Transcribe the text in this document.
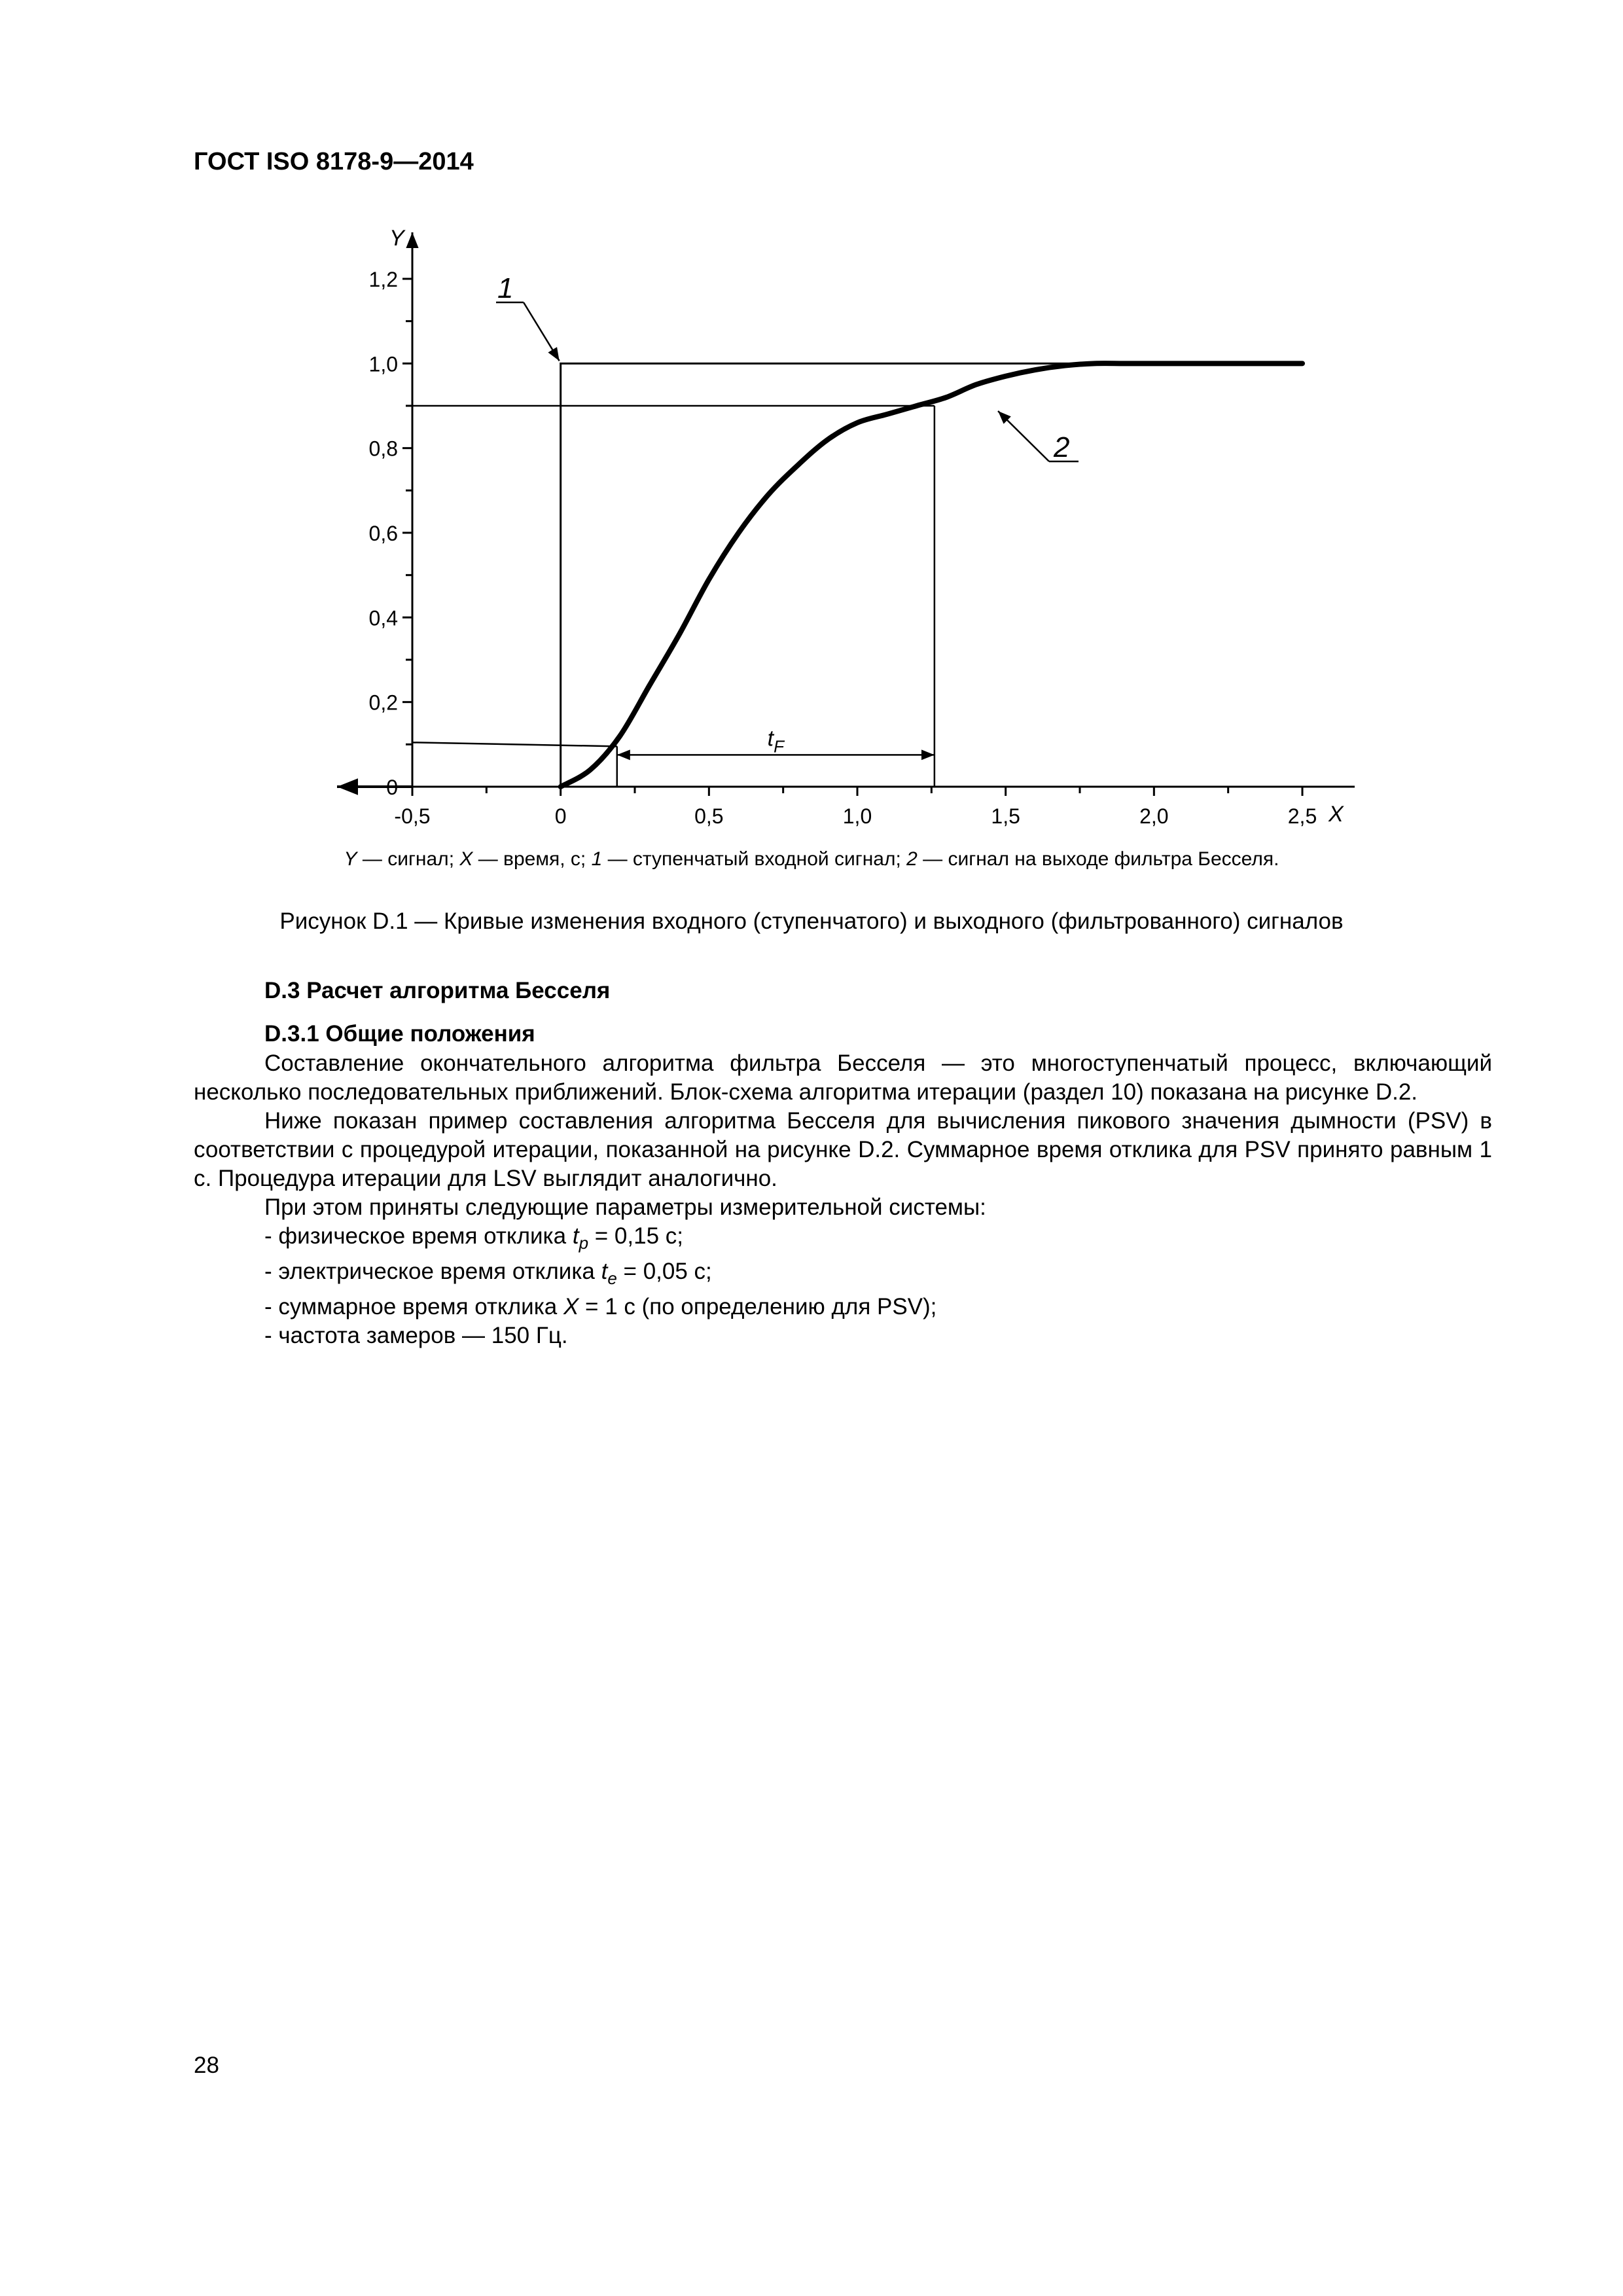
ГОСТ ISO 8178-9—2014
Y
X
0
0,2
0,4
0,6
0,8
1,0
1,2
-0,5	0	0,5	1,0	1,5	2,0	2,5
$t_F$
1
2
Y — сигнал; X — время, с; 1 — ступенчатый входной сигнал; 2 — сигнал на выходе фильтра Бесселя.
Рисунок D.1 — Кривые изменения входного (ступенчатого) и выходного (фильтрованного) сигналов
D.3 Расчет алгоритма Бесселя
D.3.1 Общие положения

Составление окончательного алгоритма фильтра Бесселя — это многоступенчатый процесс, включающий несколько последовательных приближений. Блок-схема алгоритма итерации (раздел 10) показана на рисунке D.2.

Ниже показан пример составления алгоритма Бесселя для вычисления пикового значения дымности (PSV) в соответствии с процедурой итерации, показанной на рисунке D.2. Суммарное время отклика для PSV принято равным 1 с. Процедура итерации для LSV выглядит аналогично.

При этом приняты следующие параметры измерительной системы:

- физическое время отклика $t_p = 0,15$ с;
- электрическое время отклика $t_e = 0,05$ с;
- суммарное время отклика X = 1 с (по определению для PSV);
- частота замеров — 150 Гц.
28
